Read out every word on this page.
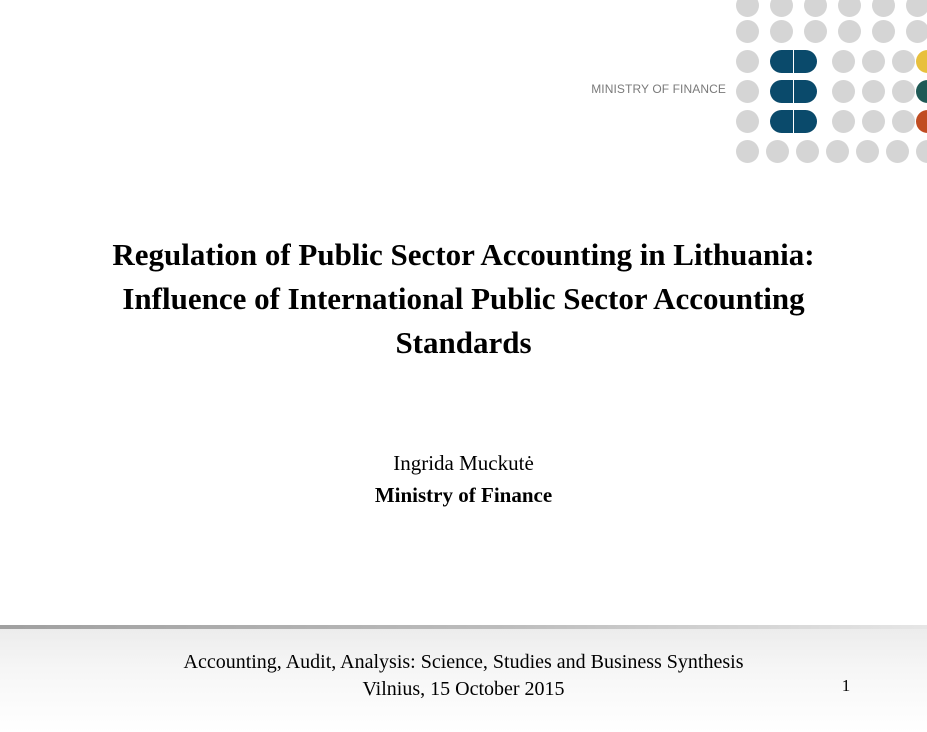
MINISTRY OF FINANCE
Regulation of Public Sector Accounting in Lithuania:
Influence of International Public Sector Accounting
Standards
Ingrida Muckutė
Ministry of Finance
Accounting, Audit, Analysis: Science, Studies and Business Synthesis
Vilnius, 15 October 2015	1
